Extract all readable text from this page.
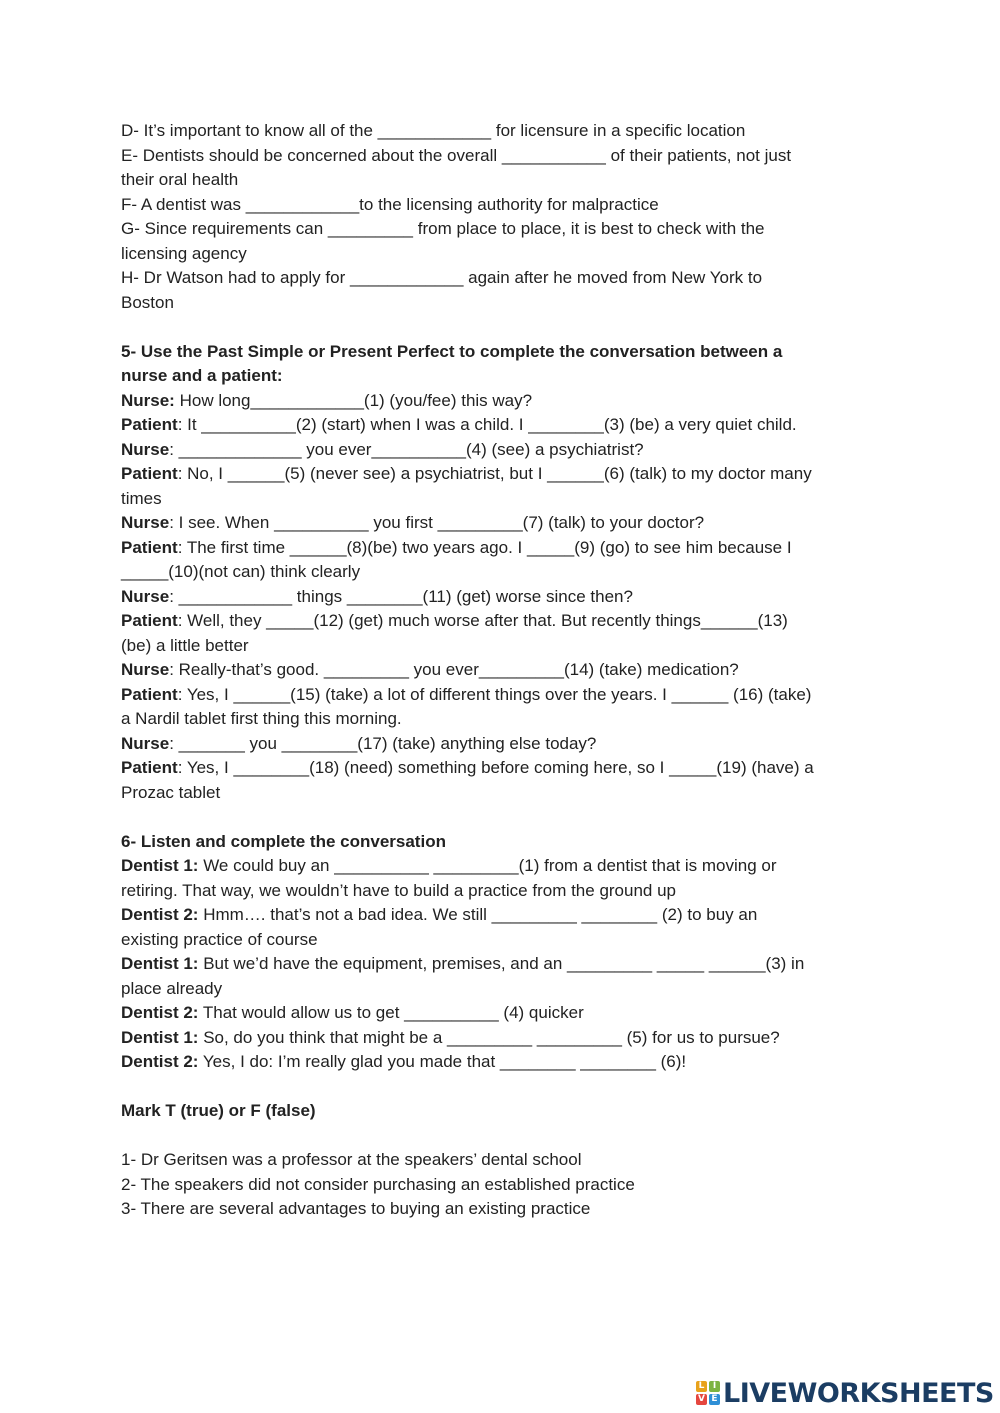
D- It’s important to know all of the ____________ for licensure in a specific location
E- Dentists should be concerned about the overall ___________ of their patients, not just
their oral health
F- A dentist was ____________to the licensing authority for malpractice
G- Since requirements can _________ from place to place, it is best to check with the
licensing agency
H- Dr Watson had to apply for ____________ again after he moved from New York to
Boston
5- Use the Past Simple or Present Perfect to complete the conversation between a
nurse and a patient:
Nurse: How long____________(1) (you/fee) this way?
Patient: It __________(2) (start) when I was a child. I ________(3) (be) a very quiet child.
Nurse: _____________ you ever__________(4) (see) a psychiatrist?
Patient: No, I ______(5) (never see) a psychiatrist, but I ______(6) (talk) to my doctor many
times
Nurse: I see. When __________ you first _________(7) (talk) to your doctor?
Patient: The first time ______(8)(be) two years ago. I _____(9) (go) to see him because I
_____(10)(not can) think clearly
Nurse: ____________ things ________(11) (get) worse since then?
Patient: Well, they _____(12) (get) much worse after that. But recently things______(13)
(be) a little better
Nurse: Really-that’s good. _________ you ever_________(14) (take) medication?
Patient: Yes, I ______(15) (take) a lot of different things over the years. I ______ (16) (take)
a Nardil tablet first thing this morning.
Nurse: _______ you ________(17) (take) anything else today?
Patient: Yes, I ________(18) (need) something before coming here, so I _____(19) (have) a
Prozac tablet
6- Listen and complete the conversation
Dentist 1: We could buy an __________ _________(1) from a dentist that is moving or
retiring. That way, we wouldn’t have to build a practice from the ground up
Dentist 2: Hmm…. that’s not a bad idea. We still _________ ________ (2) to buy an
existing practice of course
Dentist 1: But we’d have the equipment, premises, and an _________ _____ ______(3) in
place already
Dentist 2: That would allow us to get __________ (4) quicker
Dentist 1: So, do you think that might be a _________ _________ (5) for us to pursue?
Dentist 2: Yes, I do: I’m really glad you made that ________ ________ (6)!
Mark T (true) or F (false)
1- Dr Geritsen was a professor at the speakers’ dental school
2- The speakers did not consider purchasing an established practice
3- There are several advantages to buying an existing practice
L I
V E LIVEWORKSHEETS
